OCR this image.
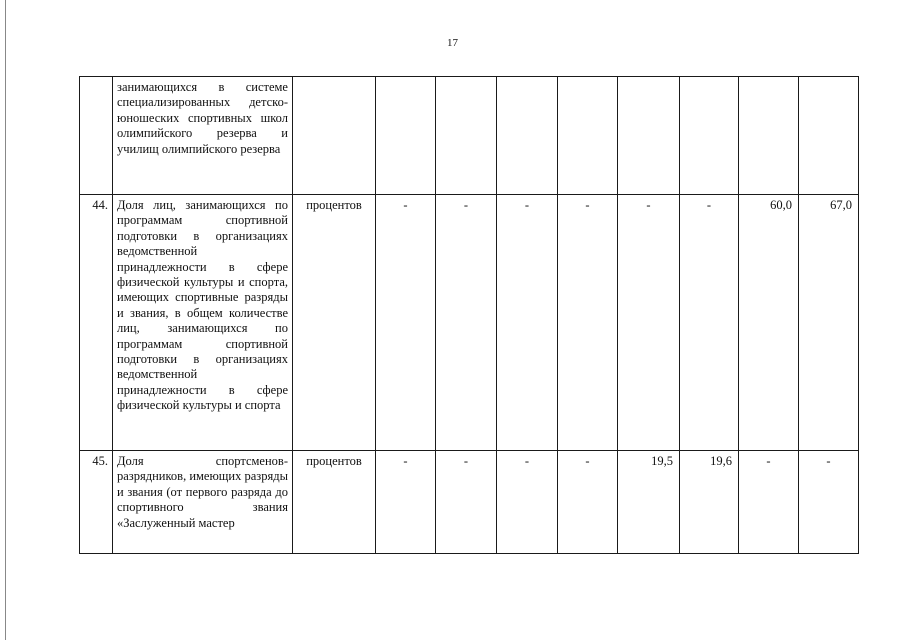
17
	занимающихся в системе специализированных детско-юношеских спортивных школ олимпийского резерва и училищ олимпийского резерва									
44.	Доля лиц, занимающихся по программам спортивной подготовки в организациях ведомственной принадлежности в сфере физической культуры и спорта, имеющих спортивные разряды и звания, в общем количестве лиц, занимающихся по программам спортивной подготовки в организациях ведомственной принадлежности в сфере физической культуры и спорта	процентов	-	-	-	-	-	-	60,0	67,0
45.	Доля спортсменов-разрядников, имеющих разряды и звания (от первого разряда до спортивного звания «Заслуженный мастер	процентов	-	-	-	-	19,5	19,6	-	-
